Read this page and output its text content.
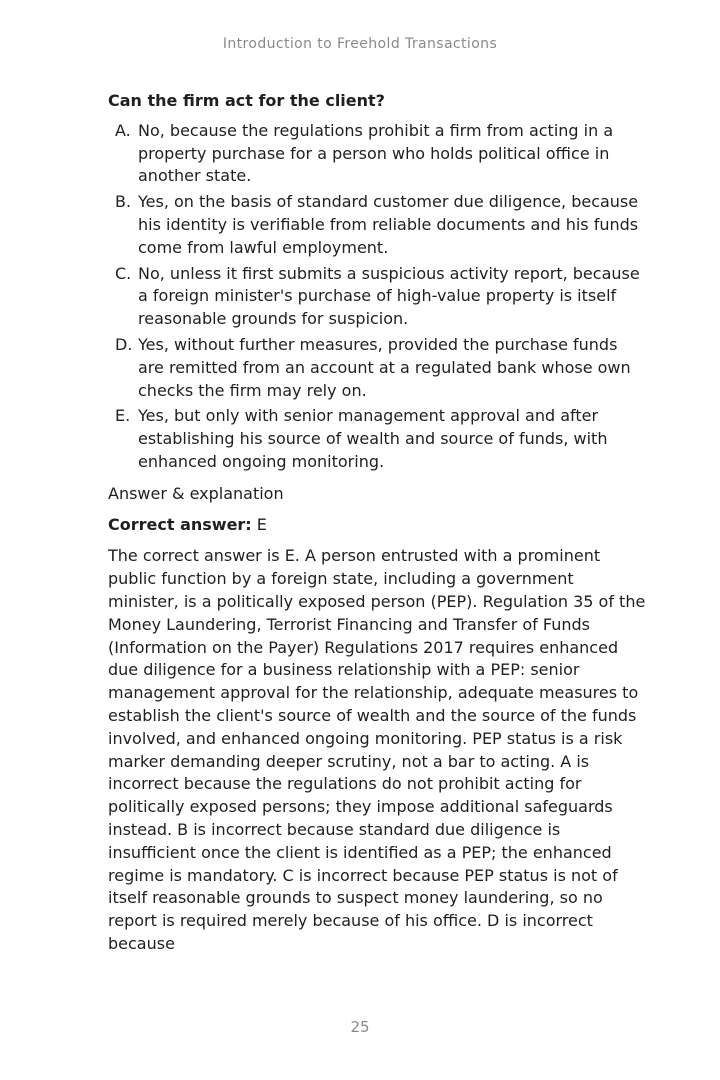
Introduction to Freehold Transactions

Can the firm act for the client?

A. No, because the regulations prohibit a firm from acting in a property purchase for a person who holds political office in another state.
B. Yes, on the basis of standard customer due diligence, because his identity is verifiable from reliable documents and his funds come from lawful employment.
C. No, unless it first submits a suspicious activity report, because a foreign minister's purchase of high-value property is itself reasonable grounds for suspicion.
D. Yes, without further measures, provided the purchase funds are remitted from an account at a regulated bank whose own checks the firm may rely on.
E. Yes, but only with senior management approval and after establishing his source of wealth and source of funds, with enhanced ongoing monitoring.
Answer & explanation

Correct answer: E

The correct answer is E. A person entrusted with a prominent public function by a foreign state, including a government minister, is a politically exposed person (PEP). Regulation 35 of the Money Laundering, Terrorist Financing and Transfer of Funds (Information on the Payer) Regulations 2017 requires enhanced due diligence for a business relationship with a PEP: senior management approval for the relationship, adequate measures to establish the client's source of wealth and the source of the funds involved, and enhanced ongoing monitoring. PEP status is a risk marker demanding deeper scrutiny, not a bar to acting. A is incorrect because the regulations do not prohibit acting for politically exposed persons; they impose additional safeguards instead. B is incorrect because standard due diligence is insufficient once the client is identified as a PEP; the enhanced regime is mandatory. C is incorrect because PEP status is not of itself reasonable grounds to suspect money laundering, so no report is required merely because of his office. D is incorrect because

25
